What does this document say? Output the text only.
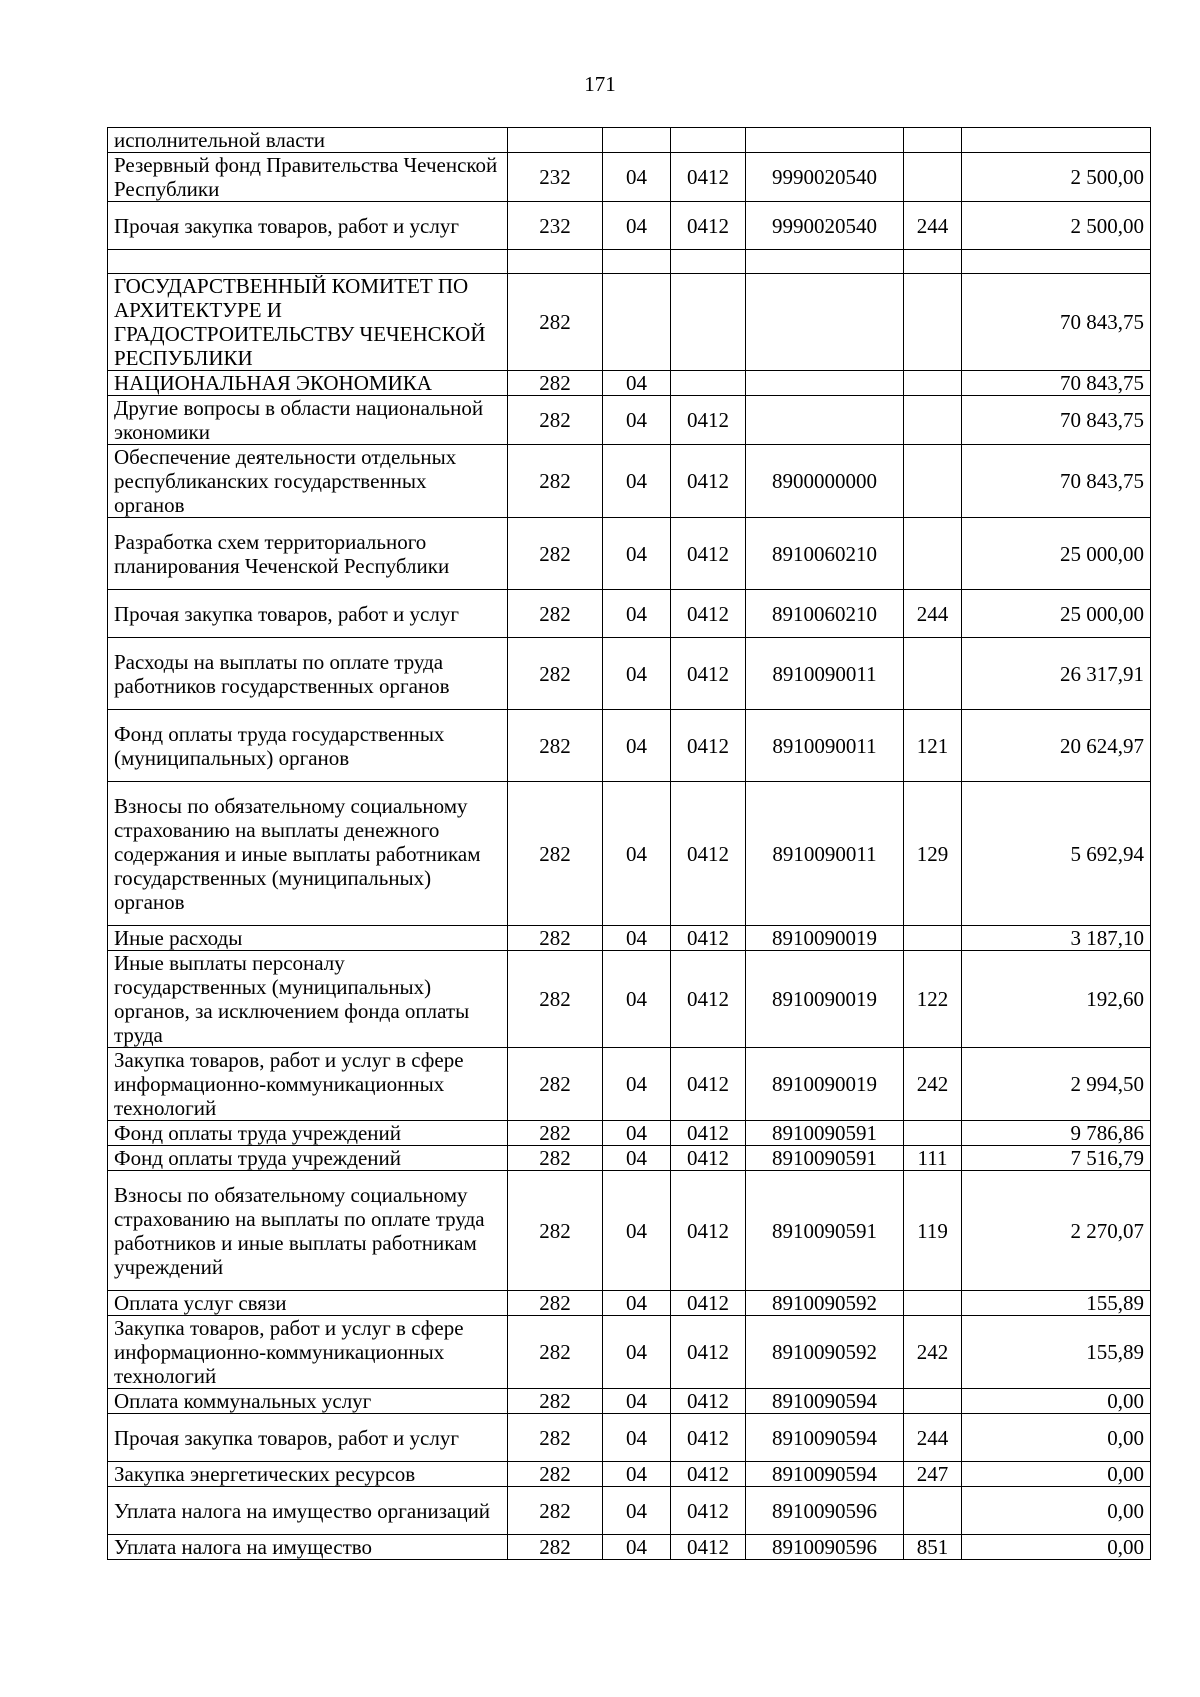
171
исполнительной власти						
Резервный фонд Правительства Чеченской Республики	232	04	0412	9990020540		2 500,00
Прочая закупка товаров, работ и услуг	232	04	0412	9990020540	244	2 500,00

ГОСУДАРСТВЕННЫЙ КОМИТЕТ ПО АРХИТЕКТУРЕ И ГРАДОСТРОИТЕЛЬСТВУ ЧЕЧЕНСКОЙ РЕСПУБЛИКИ	282					70 843,75
НАЦИОНАЛЬНАЯ ЭКОНОМИКА	282	04				70 843,75
Другие вопросы в области национальной экономики	282	04	0412			70 843,75
Обеспечение деятельности отдельных республиканских государственных органов	282	04	0412	8900000000		70 843,75
Разработка схем территориального планирования Чеченской Республики	282	04	0412	8910060210		25 000,00
Прочая закупка товаров, работ и услуг	282	04	0412	8910060210	244	25 000,00
Расходы на выплаты по оплате труда работников государственных органов	282	04	0412	8910090011		26 317,91
Фонд оплаты труда государственных (муниципальных) органов	282	04	0412	8910090011	121	20 624,97
Взносы по обязательному социальному страхованию на выплаты денежного содержания и иные выплаты работникам государственных (муниципальных) органов	282	04	0412	8910090011	129	5 692,94
Иные расходы	282	04	0412	8910090019		3 187,10
Иные выплаты персоналу государственных (муниципальных) органов, за исключением фонда оплаты труда	282	04	0412	8910090019	122	192,60
Закупка товаров, работ и услуг в сфере информационно-коммуникационных технологий	282	04	0412	8910090019	242	2 994,50
Фонд оплаты труда учреждений	282	04	0412	8910090591		9 786,86
Фонд оплаты труда учреждений	282	04	0412	8910090591	111	7 516,79
Взносы по обязательному социальному страхованию на выплаты по оплате труда работников и иные выплаты работникам учреждений	282	04	0412	8910090591	119	2 270,07
Оплата услуг связи	282	04	0412	8910090592		155,89
Закупка товаров, работ и услуг в сфере информационно-коммуникационных технологий	282	04	0412	8910090592	242	155,89
Оплата коммунальных услуг	282	04	0412	8910090594		0,00
Прочая закупка товаров, работ и услуг	282	04	0412	8910090594	244	0,00
Закупка энергетических ресурсов	282	04	0412	8910090594	247	0,00
Уплата налога на имущество организаций	282	04	0412	8910090596		0,00
Уплата налога на имущество	282	04	0412	8910090596	851	0,00
